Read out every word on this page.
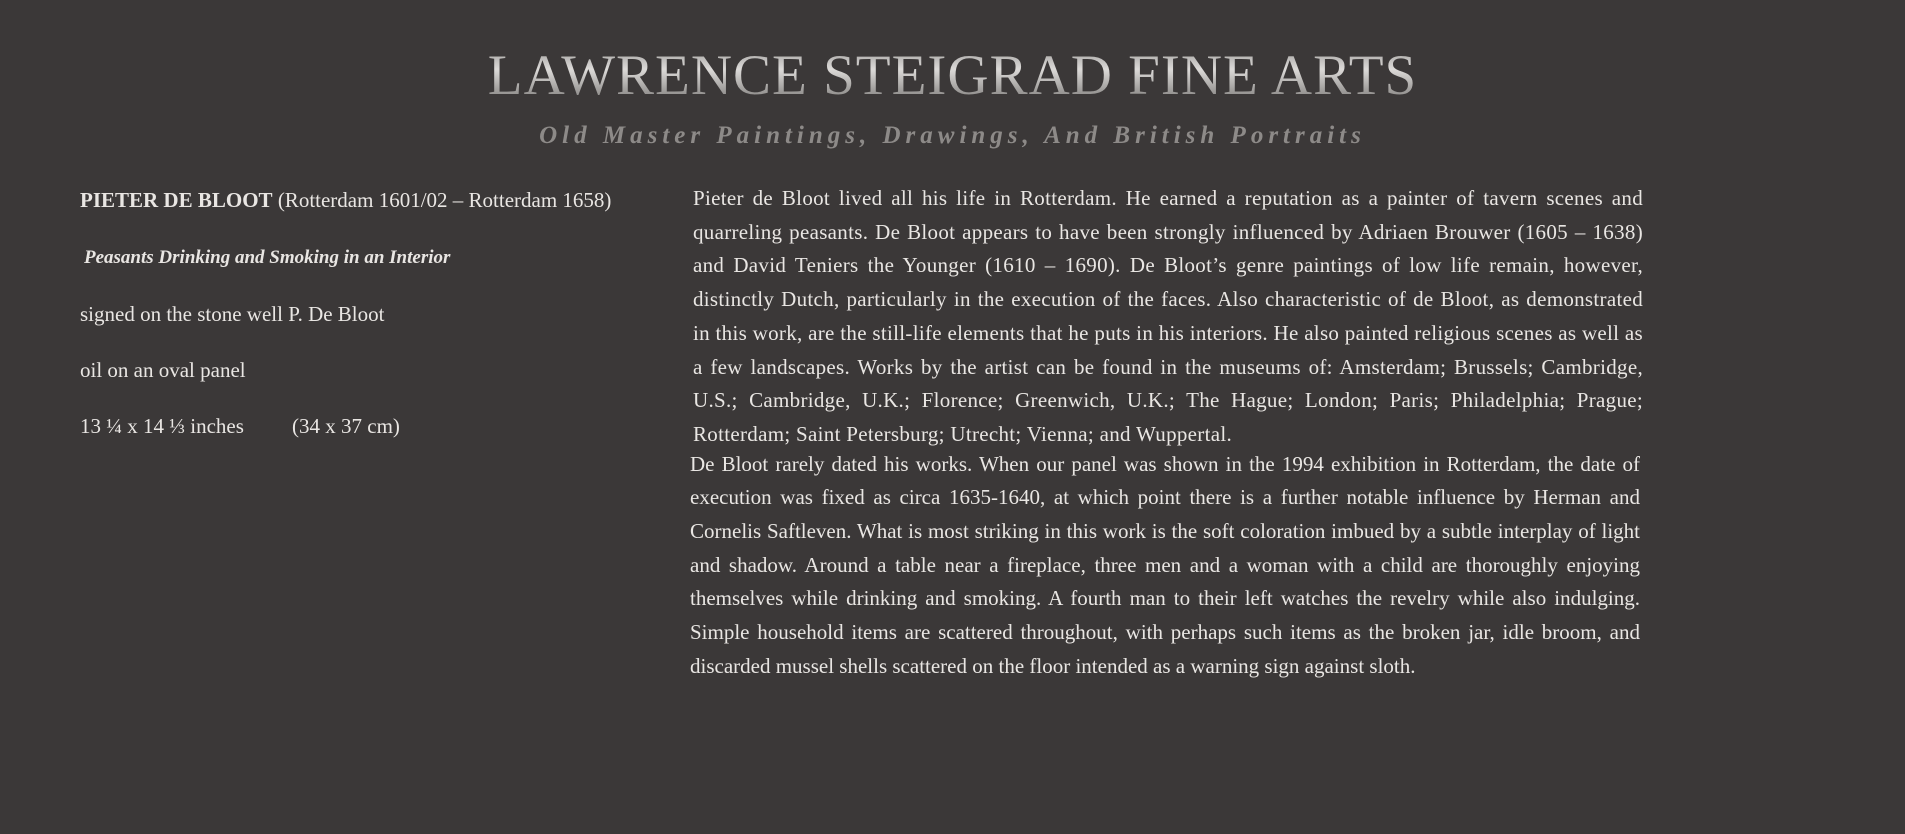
LAWRENCE STEIGRAD FINE ARTS
Old Master Paintings, Drawings, And British Portraits
PIETER DE BLOOT (Rotterdam 1601/02 – Rotterdam 1658)
Peasants Drinking and Smoking in an Interior
signed on the stone well P. De Bloot
oil on an oval panel
13 ¼ x 14 ⅓ inches (34 x 37 cm)

Pieter de Bloot lived all his life in Rotterdam. He earned a reputation as a painter of tavern scenes and quarreling peasants. De Bloot appears to have been strongly influenced by Adriaen Brouwer (1605 – 1638) and David Teniers the Younger (1610 – 1690). De Bloot’s genre paintings of low life remain, however, distinctly Dutch, particularly in the execution of the faces. Also characteristic of de Bloot, as demonstrated in this work, are the still-life elements that he puts in his interiors. He also painted religious scenes as well as a few landscapes. Works by the artist can be found in the museums of: Amsterdam; Brussels; Cambridge, U.S.; Cambridge, U.K.; Florence; Greenwich, U.K.; The Hague; London; Paris; Philadelphia; Prague; Rotterdam; Saint Petersburg; Utrecht; Vienna; and Wuppertal.

De Bloot rarely dated his works. When our panel was shown in the 1994 exhibition in Rotterdam, the date of execution was fixed as circa 1635-1640, at which point there is a further notable influence by Herman and Cornelis Saftleven. What is most striking in this work is the soft coloration imbued by a subtle interplay of light and shadow. Around a table near a fireplace, three men and a woman with a child are thoroughly enjoying themselves while drinking and smoking. A fourth man to their left watches the revelry while also indulging. Simple household items are scattered throughout, with perhaps such items as the broken jar, idle broom, and discarded mussel shells scattered on the floor intended as a warning sign against sloth.
